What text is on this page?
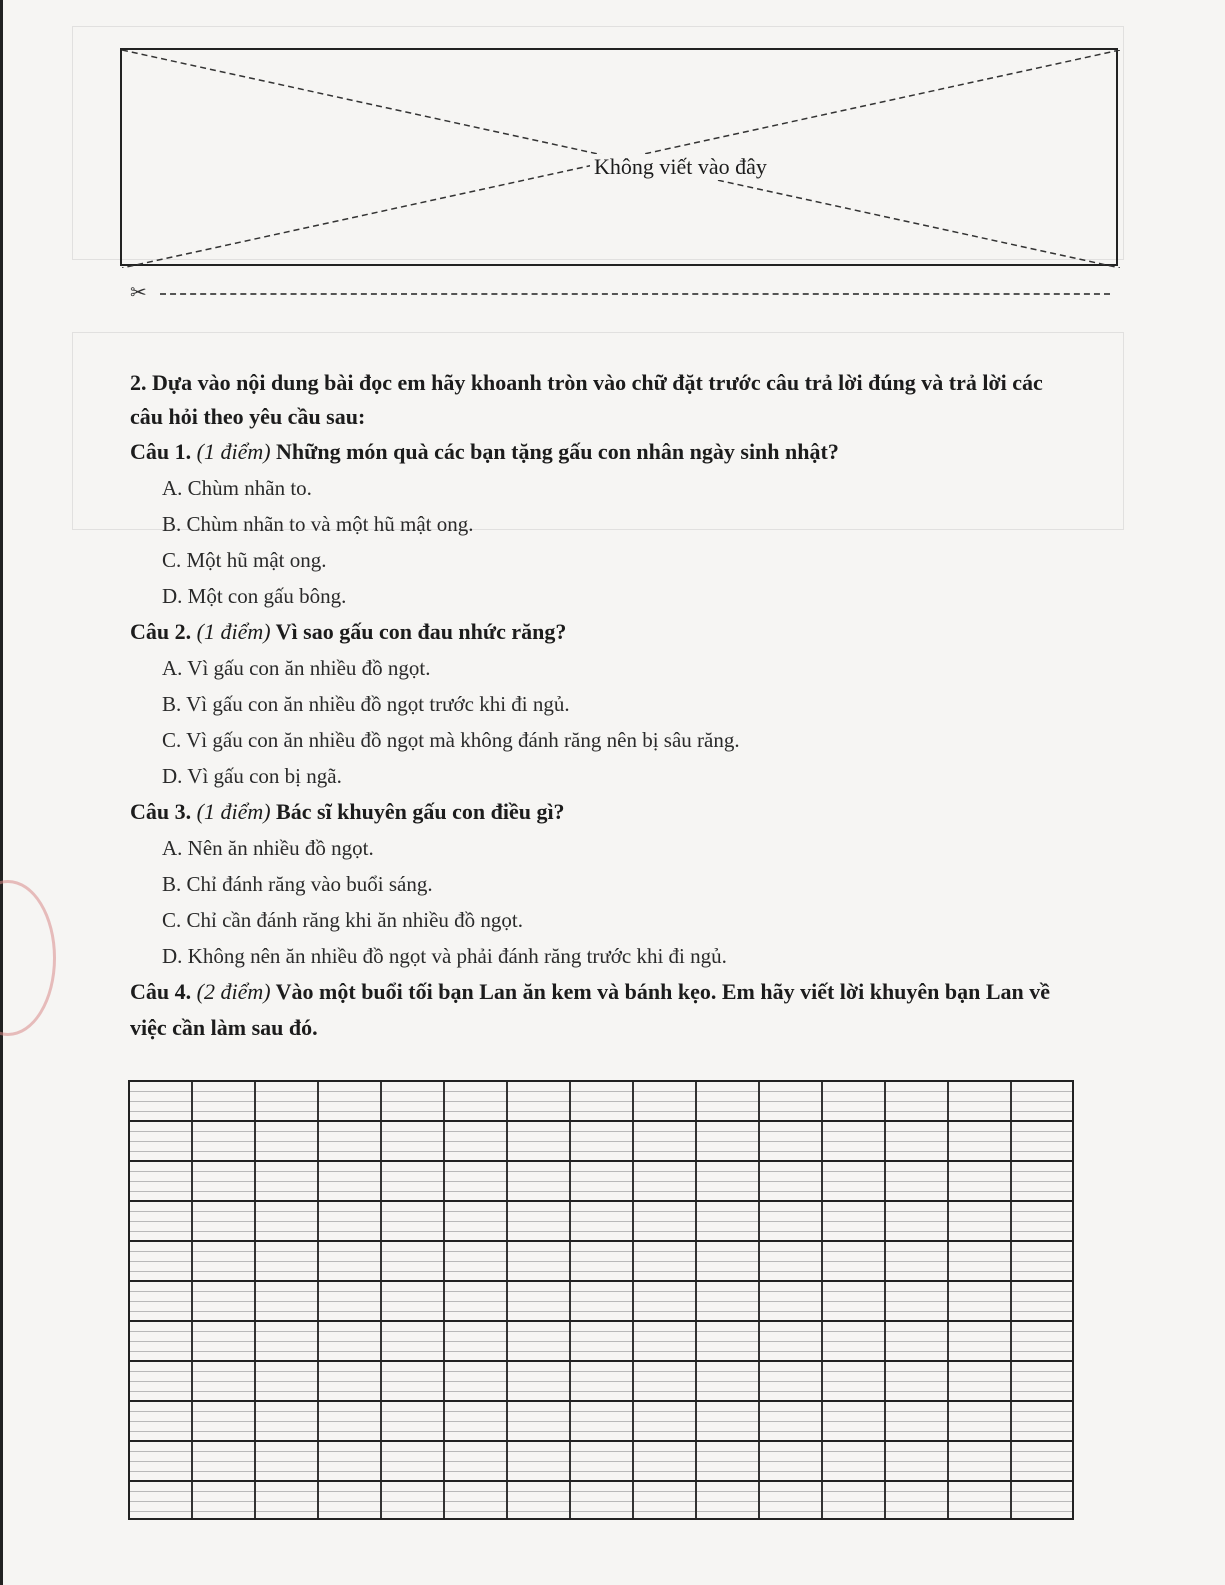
Không viết vào đây
✂

2. Dựa vào nội dung bài đọc em hãy khoanh tròn vào chữ đặt trước câu trả lời đúng và trả lời các câu hỏi theo yêu cầu sau:

Câu 1. (1 điểm) Những món quà các bạn tặng gấu con nhân ngày sinh nhật?

A. Chùm nhãn to.

B. Chùm nhãn to và một hũ mật ong.

C. Một hũ mật ong.

D. Một con gấu bông.

Câu 2. (1 điểm) Vì sao gấu con đau nhức răng?

A. Vì gấu con ăn nhiều đồ ngọt.

B. Vì gấu con ăn nhiều đồ ngọt trước khi đi ngủ.

C. Vì gấu con ăn nhiều đồ ngọt mà không đánh răng nên bị sâu răng.

D. Vì gấu con bị ngã.

Câu 3. (1 điểm) Bác sĩ khuyên gấu con điều gì?

A. Nên ăn nhiều đồ ngọt.

B. Chỉ đánh răng vào buổi sáng.

C. Chỉ cần đánh răng khi ăn nhiều đồ ngọt.

D. Không nên ăn nhiều đồ ngọt và phải đánh răng trước khi đi ngủ.

Câu 4. (2 điểm) Vào một buổi tối bạn Lan ăn kem và bánh kẹo. Em hãy viết lời khuyên bạn Lan về việc cần làm sau đó.
